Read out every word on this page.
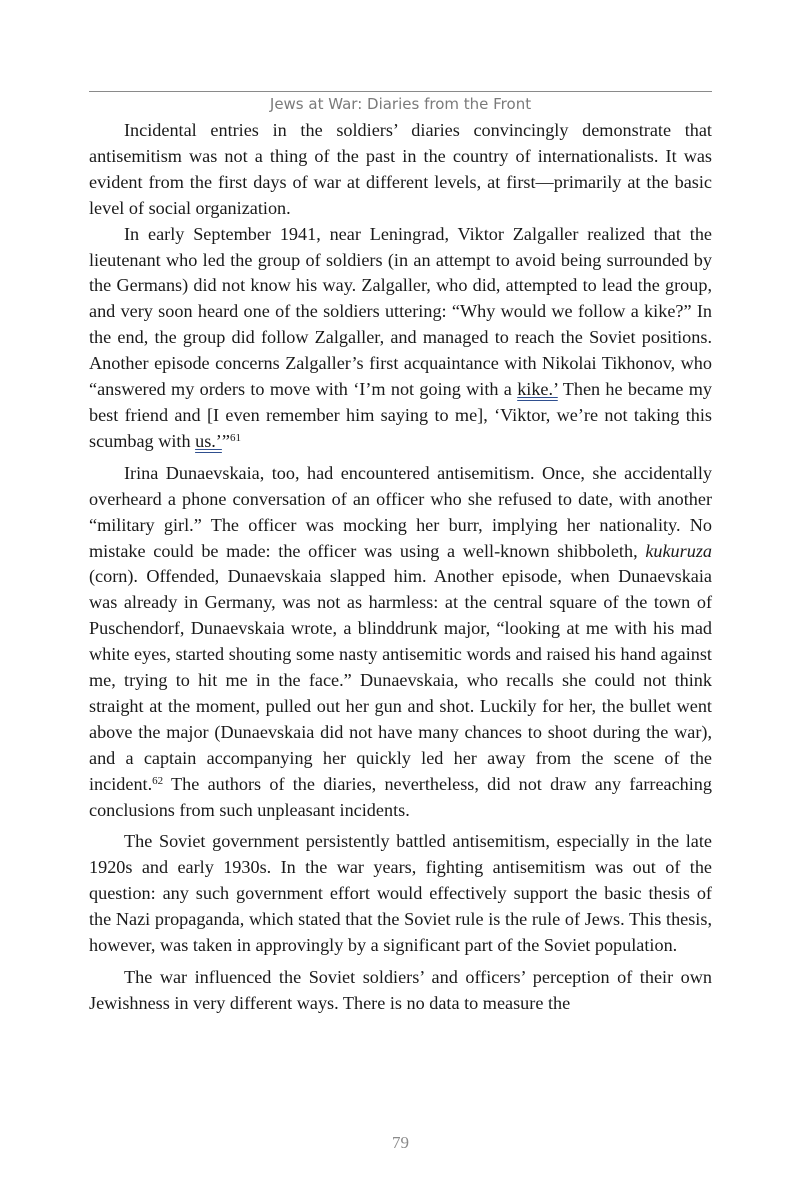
Jews at War: Diaries from the Front

Incidental entries in the soldiers’ diaries convincingly demonstrate that antisemitism was not a thing of the past in the country of internationalists. It was evident from the first days of war at different levels, at first—primarily at the basic level of social organization.

In early September 1941, near Leningrad, Viktor Zalgaller realized that the lieutenant who led the group of soldiers (in an attempt to avoid being surrounded by the Germans) did not know his way. Zalgaller, who did, attempted to lead the group, and very soon heard one of the soldiers uttering: “Why would we follow a kike?” In the end, the group did follow Zalgaller, and managed to reach the Soviet positions. Another episode concerns Zalgaller’s first acquaintance with Nikolai Tikhonov, who “answered my orders to move with ‘I’m not going with a kike.’ Then he became my best friend and [I even remember him saying to me], ‘Viktor, we’re not taking this scumbag with us.’”$^{61}$

Irina Dunaevskaia, too, had encountered antisemitism. Once, she accidentally overheard a phone conversation of an officer who she refused to date, with another “military girl.” The officer was mocking her burr, implying her nationality. No mistake could be made: the officer was using a well-known shibboleth, kukuruza (corn). Offended, Dunaevskaia slapped him. Another episode, when Dunaevskaia was already in Germany, was not as harmless: at the central square of the town of Puschendorf, Dunaevskaia wrote, a blinddrunk major, “looking at me with his mad white eyes, started shouting some nasty antisemitic words and raised his hand against me, trying to hit me in the face.” Dunaevskaia, who recalls she could not think straight at the moment, pulled out her gun and shot. Luckily for her, the bullet went above the major (Dunaevskaia did not have many chances to shoot during the war), and a captain accompanying her quickly led her away from the scene of the incident.$^{62}$ The authors of the diaries, nevertheless, did not draw any farreaching conclusions from such unpleasant incidents.

The Soviet government persistently battled antisemitism, especially in the late 1920s and early 1930s. In the war years, fighting antisemitism was out of the question: any such government effort would effectively support the basic thesis of the Nazi propaganda, which stated that the Soviet rule is the rule of Jews. This thesis, however, was taken in approvingly by a significant part of the Soviet population.

The war influenced the Soviet soldiers’ and officers’ perception of their own Jewishness in very different ways. There is no data to measure the

79
